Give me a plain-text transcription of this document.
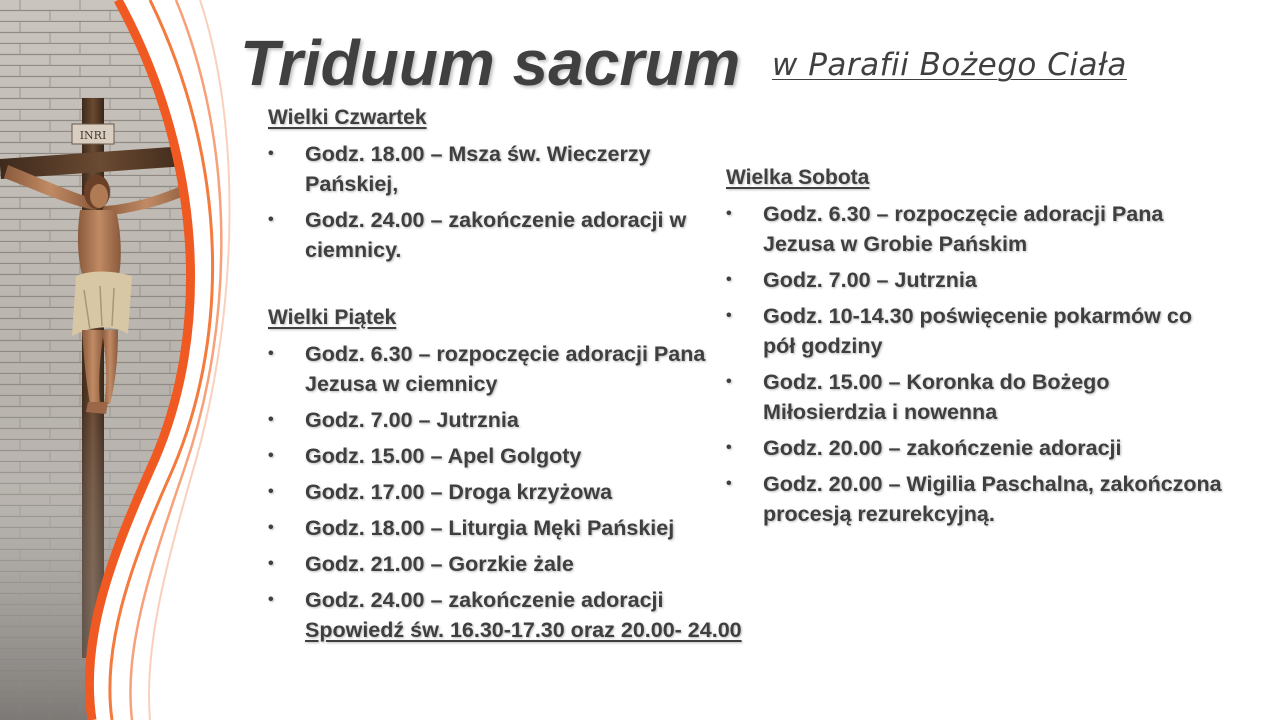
Triduum sacrum w Parafii Bożego Ciała

Wielki Czwartek

•	Godz. 18.00 – Msza św. Wieczerzy Pańskiej,
•	Godz. 24.00 – zakończenie adoracji w ciemnicy.

Wielki Piątek

•	Godz. 6.30 – rozpoczęcie adoracji Pana Jezusa w ciemnicy
•	Godz. 7.00 – Jutrznia
•	Godz. 15.00 – Apel Golgoty
•	Godz. 17.00 – Droga krzyżowa
•	Godz. 18.00 – Liturgia Męki Pańskiej
•	Godz. 21.00 – Gorzkie żale
•	Godz. 24.00 – zakończenie adoracji
Spowiedź św. 16.30-17.30 oraz 20.00- 24.00

Wielka Sobota

•	Godz. 6.30 – rozpoczęcie adoracji Pana Jezusa w Grobie Pańskim
•	Godz. 7.00 – Jutrznia
•	Godz. 10-14.30 poświęcenie pokarmów co pół godziny
•	Godz. 15.00 – Koronka do Bożego Miłosierdzia i nowenna
•	Godz. 20.00 – zakończenie adoracji
•	Godz. 20.00 – Wigilia Paschalna, zakończona procesją rezurekcyjną.
